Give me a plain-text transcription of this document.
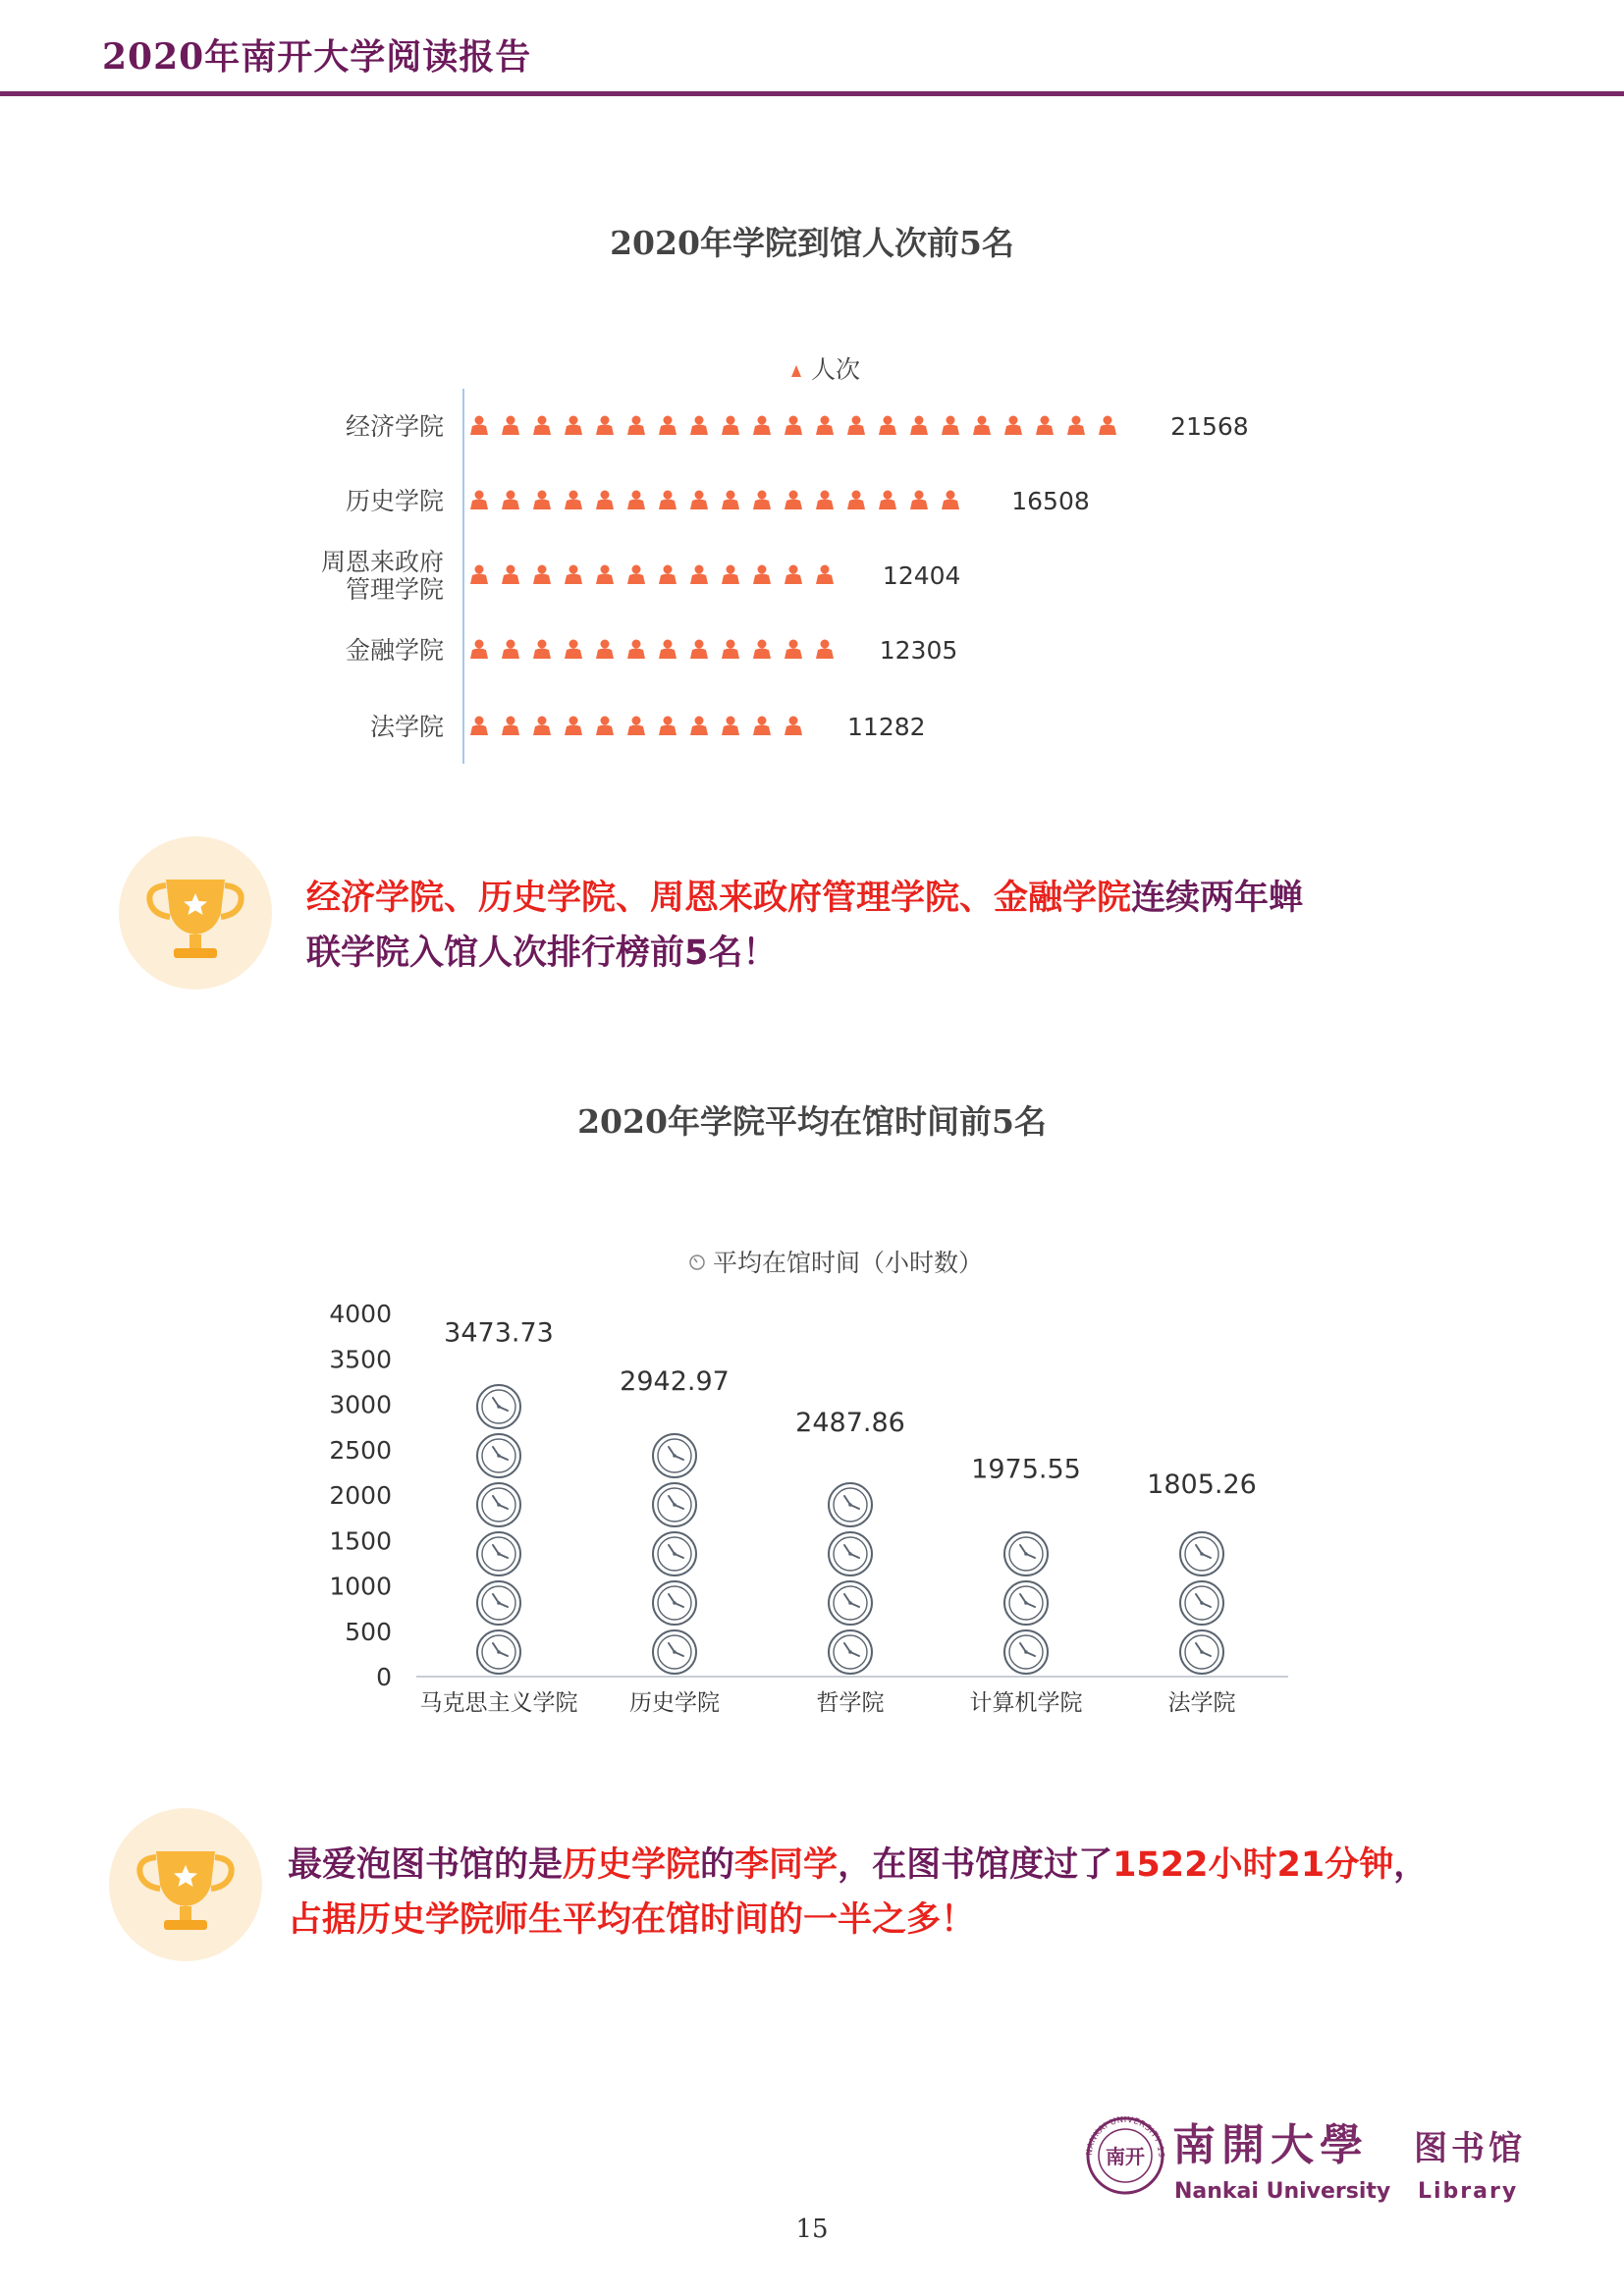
2020年南开大学阅读报告
2020年学院到馆人次前5名
人次
经济学院	21568
历史学院	16508
周恩来政府
管理学院	12404
金融学院	12305
法学院	11282
经济学院、历史学院、周恩来政府管理学院、金融学院连续两年蝉
联学院入馆人次排行榜前5名！
2020年学院平均在馆时间前5名
平均在馆时间（小时数）
0
500
1000
1500
2000
2500
3000
3500
4000
3473.73
马克思主义学院
2942.97
历史学院
2487.86
哲学院
1975.55
计算机学院
1805.26
法学院
最爱泡图书馆的是历史学院的李同学，在图书馆度过了1522小时21分钟，
占据历史学院师生平均在馆时间的一半之多！
NANKAI UNIVERSITY 19
南开 南開大學 图书馆
Nankai University Library
15
